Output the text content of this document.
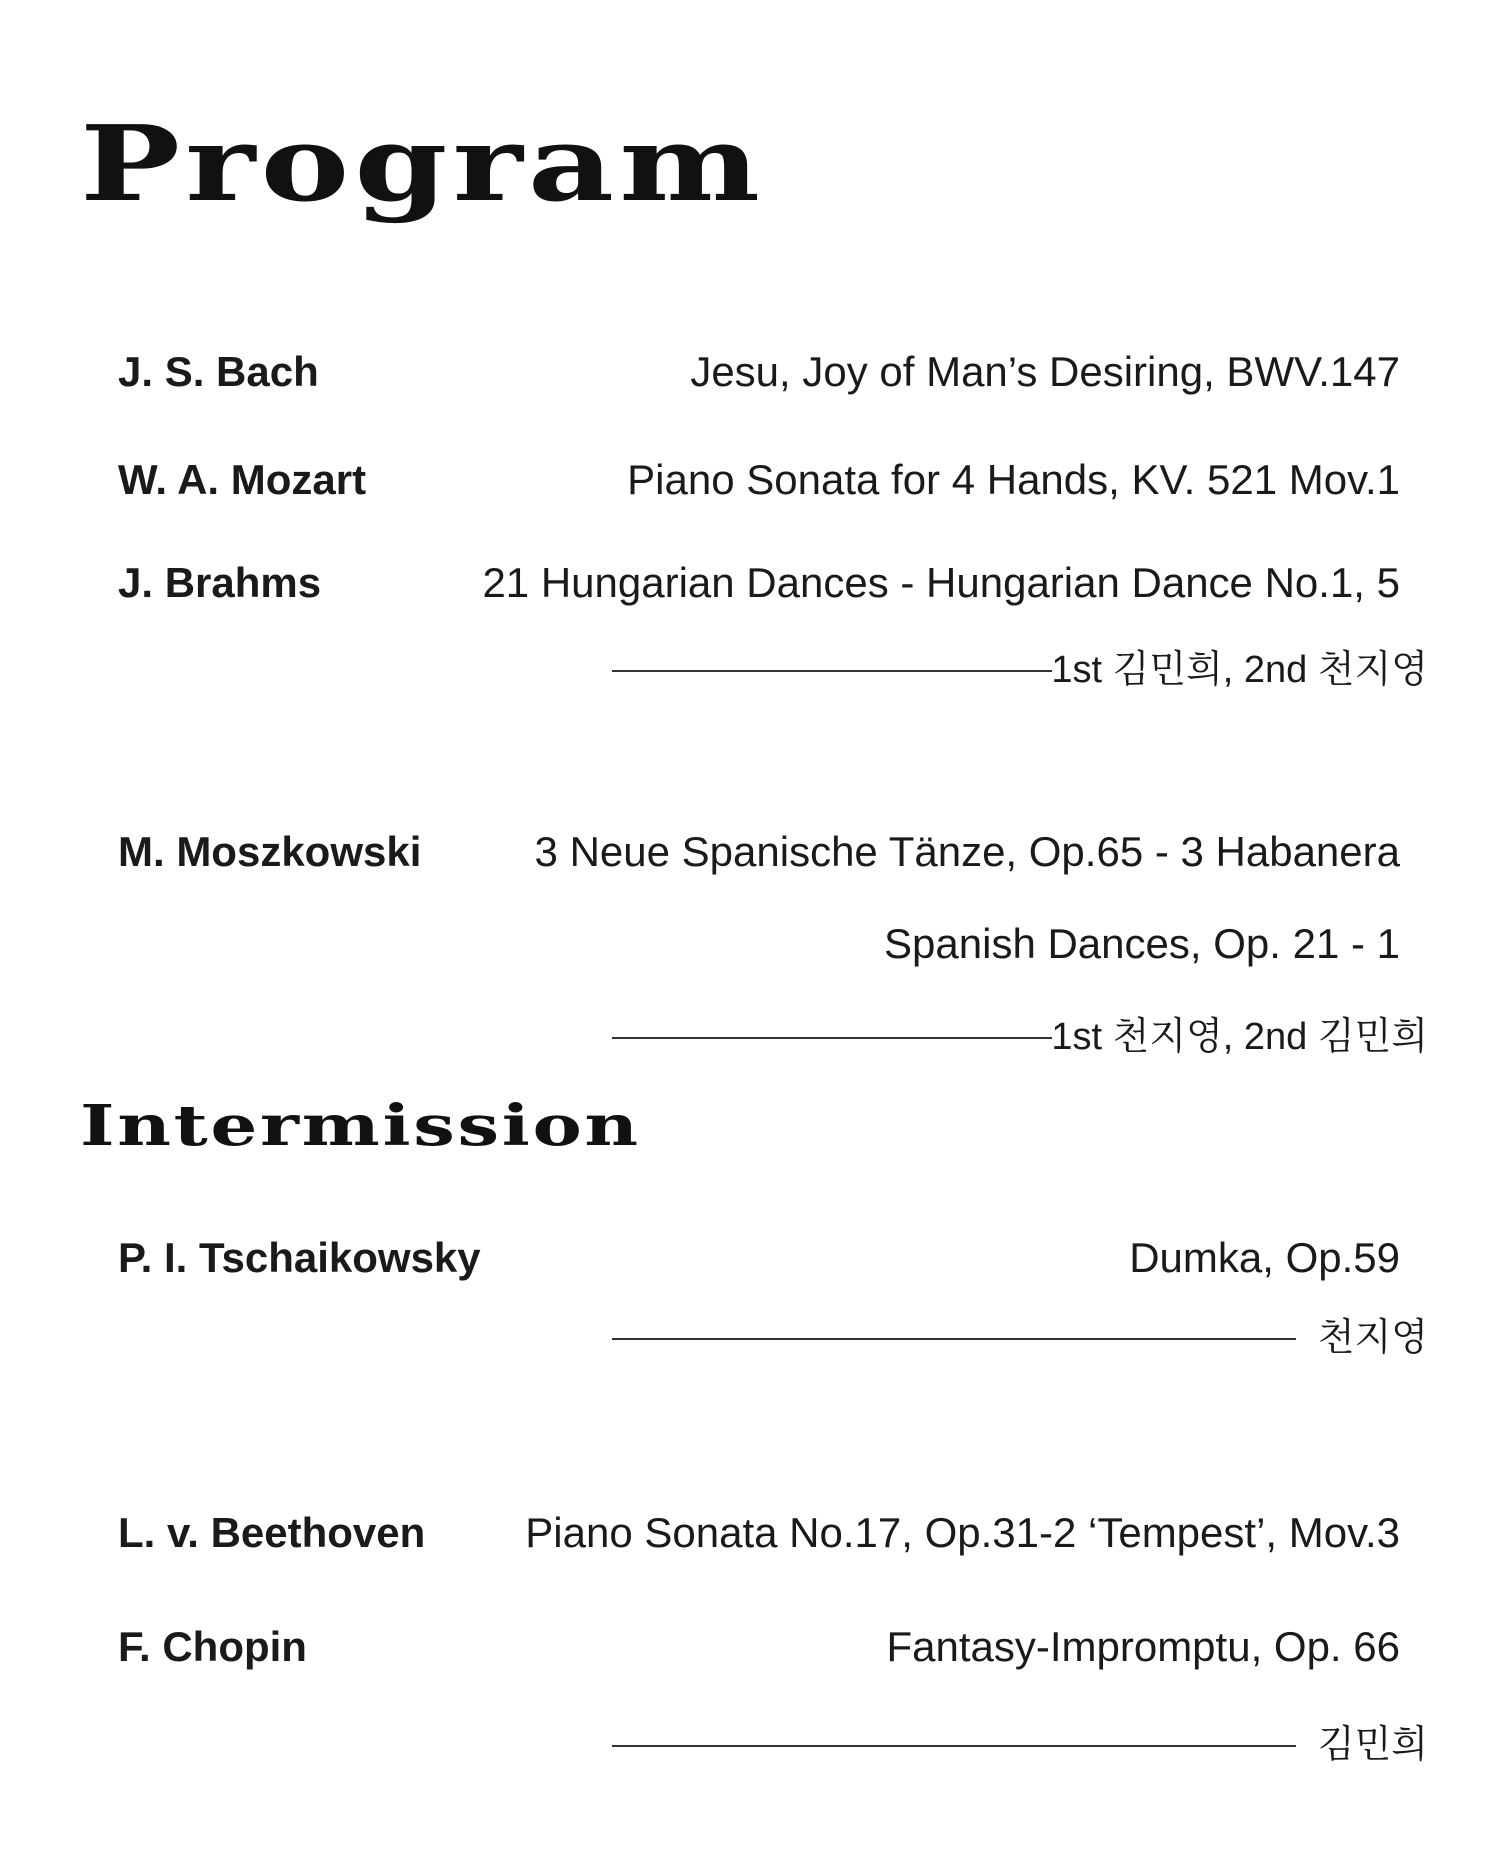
Program
J. S. Bach	Jesu, Joy of Man’s Desiring, BWV.147
W. A. Mozart	Piano Sonata for 4 Hands, KV. 521 Mov.1
J. Brahms	21 Hungarian Dances - Hungarian Dance No.1, 5
1st 김민희, 2nd 천지영
M. Moszkowski	3 Neue Spanische Tänze, Op.65 - 3 Habanera
Spanish Dances, Op. 21 - 1
1st 천지영, 2nd 김민희
Intermission
P. I. Tschaikowsky	Dumka, Op.59
천지영
L. v. Beethoven Piano Sonata No.17, Op.31-2 ‘Tempest’, Mov.3
F. Chopin	Fantasy-Impromptu, Op. 66
김민희
